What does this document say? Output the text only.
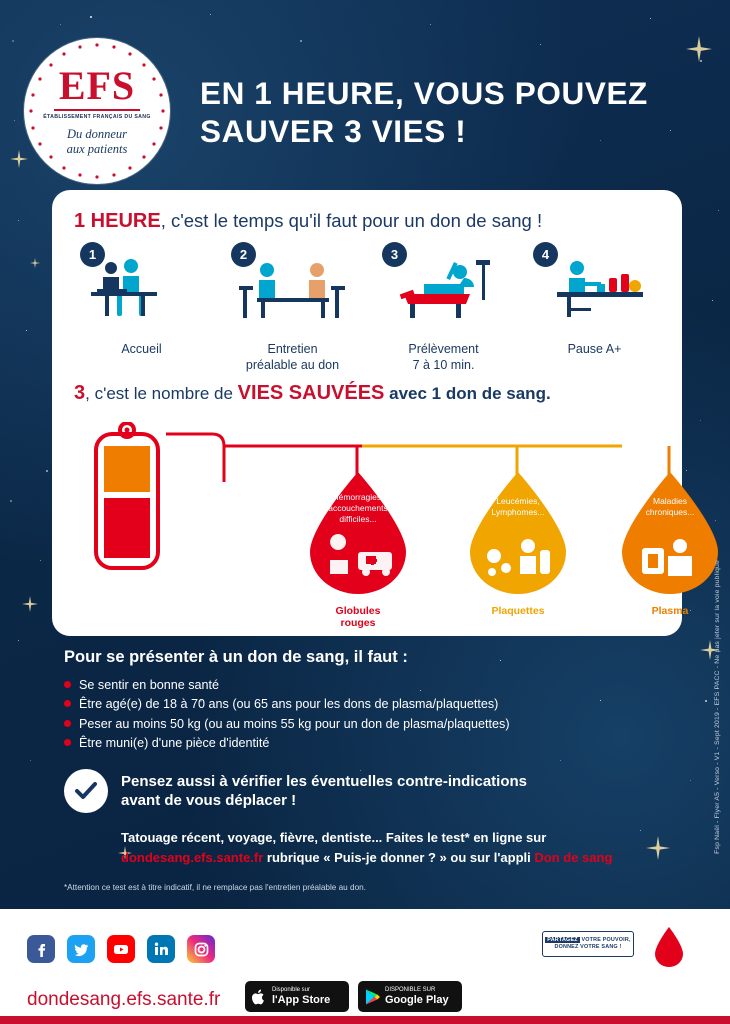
EFS
ÉTABLISSEMENT FRANÇAIS DU SANG
Du donneur
aux patients
EN 1 HEURE, VOUS POUVEZ
SAUVER 3 VIES !
1 HEURE, c'est le temps qu'il faut pour un don de sang !
1
Accueil
2
Entretien
préalable au don
3
Prélèvement
7 à 10 min.
4
Pause A+
3, c'est le nombre de VIES SAUVÉES avec 1 don de sang.
Globules
rouges
Hémorragies,
accouchements
difficiles...
Plaquettes
Leucémies,
Lymphomes...
Plasma
Maladies
chroniques...
Pour se présenter à un don de sang, il faut :
Se sentir en bonne santé
Être agé(e) de 18 à 70 ans (ou 65 ans pour les dons de plasma/plaquettes)
Peser au moins 50 kg (ou au moins 55 kg pour un don de plasma/plaquettes)
Être muni(e) d'une pièce d'identité
Pensez aussi à vérifier les éventuelles contre-indications
avant de vous déplacer !
Tatouage récent, voyage, fièvre, dentiste... Faites le test* en ligne sur
dondesang.efs.sante.fr rubrique « Puis-je donner ? » ou sur l'appli Don de sang
*Attention ce test est à titre indicatif, il ne remplace pas l'entretien préalable au don.
Fsp Naël - Flyer A5 - Verso - V1 - Sept 2019 - EFS PACC - Ne pas jeter sur la voie publique
dondesang.efs.sante.fr	Disponible sur
l'App Store
DISPONIBLE SUR
Google Play
PARTAGEZ VOTRE POUVOIR,
DONNEZ VOTRE SANG !
